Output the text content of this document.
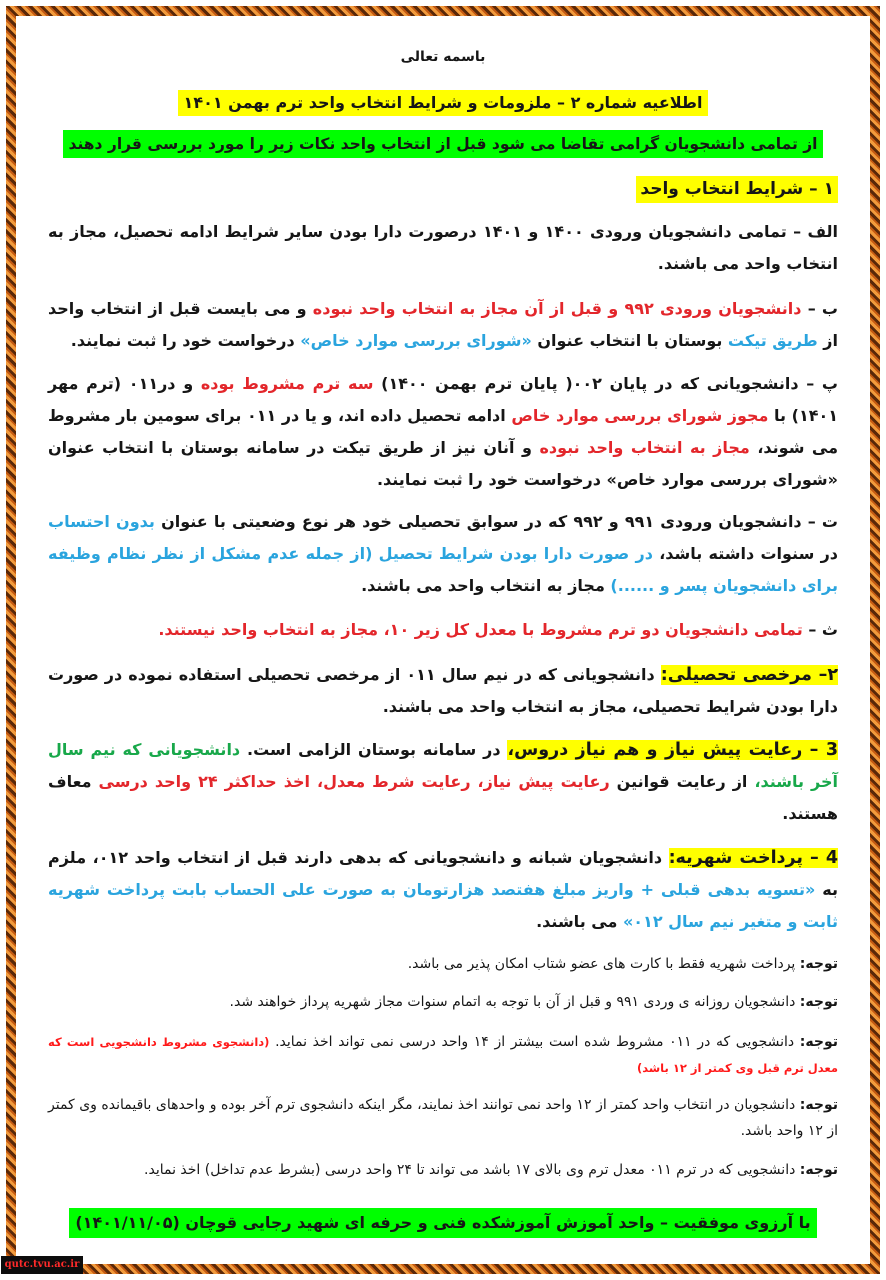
باسمه تعالی
اطلاعیه شماره ۲ – ملزومات و شرایط انتخاب واحد ترم بهمن ۱۴۰۱
از تمامی دانشجویان گرامی تقاضا می شود قبل از انتخاب واحد نکات زیر را مورد بررسی قرار دهند
۱ – شرایط انتخاب واحد

الف – تمامی دانشجویان ورودی ۱۴۰۰ و ۱۴۰۱ درصورت دارا بودن سایر شرایط ادامه تحصیل، مجاز به انتخاب واحد می باشند.

ب – دانشجویان ورودی ۹۹۲ و قبل از آن مجاز به انتخاب واحد نبوده و می بایست قبل از انتخاب واحد از طریق تیکت بوستان با انتخاب عنوان «شورای بررسی موارد خاص» درخواست خود را ثبت نمایند.

پ – دانشجویانی که در پایان ۰۰۲( پایان ترم بهمن ۱۴۰۰) سه ترم مشروط بوده و در۰۱۱ (ترم مهر ۱۴۰۱) با مجوز شورای بررسی موارد خاص ادامه تحصیل داده اند، و یا در ۰۱۱ برای سومین بار مشروط می شوند، مجاز به انتخاب واحد نبوده و آنان نیز از طریق تیکت در سامانه بوستان با انتخاب عنوان «شورای بررسی موارد خاص» درخواست خود را ثبت نمایند.

ت – دانشجویان ورودی ۹۹۱ و ۹۹۲ که در سوابق تحصیلی خود هر نوع وضعیتی با عنوان بدون احتساب در سنوات داشته باشد، در صورت دارا بودن شرایط تحصیل (از جمله عدم مشکل از نظر نظام وظیفه برای دانشجویان پسر و ......) مجاز به انتخاب واحد می باشند.

ث – تمامی دانشجویان دو ترم مشروط با معدل کل زیر ۱۰، مجاز به انتخاب واحد نیستند.

۲– مرخصی تحصیلی: دانشجویانی که در نیم سال ۰۱۱ از مرخصی تحصیلی استفاده نموده در صورت دارا بودن شرایط تحصیلی، مجاز به انتخاب واحد می باشند.

3 – رعایت پیش نیاز و هم نیاز دروس، در سامانه بوستان الزامی است. دانشجویانی که نیم سال آخر باشند، از رعایت قوانین رعایت پیش نیاز، رعایت شرط معدل، اخذ حداکثر ۲۴ واحد درسی معاف هستند.

4 – پرداخت شهریه: دانشجویان شبانه و دانشجویانی که بدهی دارند قبل از انتخاب واحد ۰۱۲، ملزم به «تسویه بدهی قبلی + واریز مبلغ هفتصد هزارتومان به صورت علی الحساب بابت پرداخت شهریه ثابت و متغیر نیم سال ۰۱۲» می باشند.

توجه: پرداخت شهریه فقط با کارت های عضو شتاب امکان پذیر می باشد.

توجه: دانشجویان روزانه ی وردی ۹۹۱ و قبل از آن با توجه به اتمام سنوات مجاز شهریه پرداز خواهند شد.

توجه: دانشجویی که در ۰۱۱ مشروط شده است بیشتر از ۱۴ واحد درسی نمی تواند اخذ نماید. (دانشجوی مشروط دانشجویی است که معدل ترم قبل وی کمتر از ۱۲ باشد)

توجه: دانشجویان در انتخاب واحد کمتر از ۱۲ واحد نمی توانند اخذ نمایند، مگر اینکه دانشجوی ترم آخر بوده و واحدهای باقیمانده وی کمتر از ۱۲ واحد باشد.

توجه: دانشجویی که در ترم ۰۱۱ معدل ترم وی بالای ۱۷ باشد می تواند تا ۲۴ واحد درسی (بشرط عدم تداخل) اخذ نماید.

با آرزوی موفقیت – واحد آموزش آموزشکده فنی و حرفه ای شهید رجایی قوچان (۱۴۰۱/۱۱/۰۵)
qutc.tvu.ac.ir
